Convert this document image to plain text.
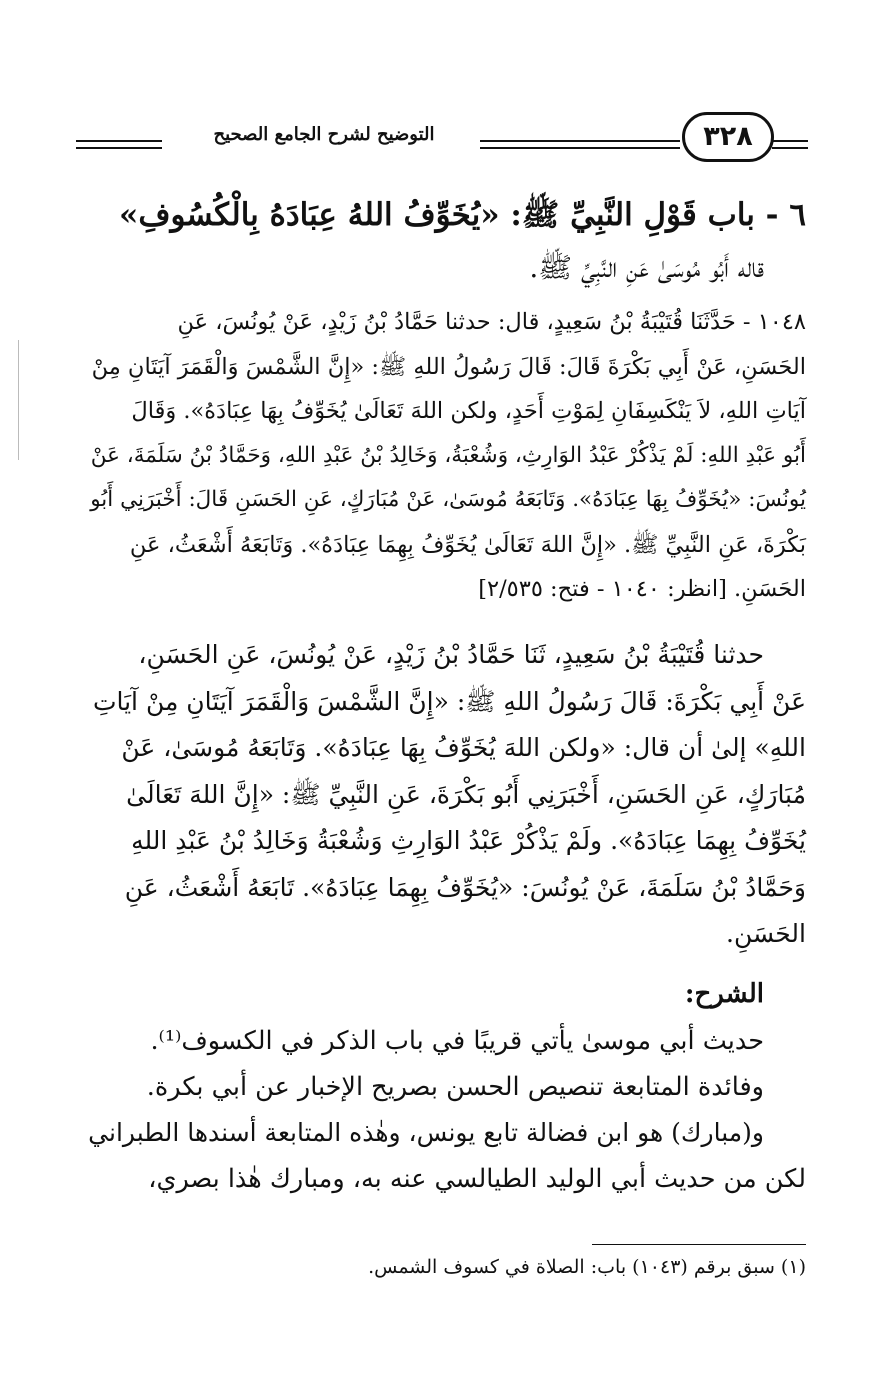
التوضيح لشرح الجامع الصحيح	٣٢٨
٦ - باب قَوْلِ النَّبِيِّ ﷺ: «يُخَوِّفُ اللهُ عِبَادَهُ بِالْكُسُوفِ»
قاله أَبُو مُوسَىٰ عَنِ النَّبِيِّ ﷺ.
١٠٤٨ - حَدَّثَنَا قُتَيْبَةُ بْنُ سَعِيدٍ، قال: حدثنا حَمَّادُ بْنُ زَيْدٍ، عَنْ يُونُسَ، عَنِ
الحَسَنِ، عَنْ أَبِي بَكْرَةَ قَالَ: قَالَ رَسُولُ اللهِ ﷺ: «إِنَّ الشَّمْسَ وَالْقَمَرَ آيَتَانِ مِنْ
آيَاتِ اللهِ، لاَ يَنْكَسِفَانِ لِمَوْتِ أَحَدٍ، ولكن اللهَ تَعَالَىٰ يُخَوِّفُ بِهَا عِبَادَهُ». وَقَالَ
أَبُو عَبْدِ اللهِ: لَمْ يَذْكُرْ عَبْدُ الوَارِثِ، وَشُعْبَةُ، وَخَالِدُ بْنُ عَبْدِ اللهِ، وَحَمَّادُ بْنُ سَلَمَةَ، عَنْ
يُونُسَ: «يُخَوِّفُ بِهَا عِبَادَهُ». وَتَابَعَهُ مُوسَىٰ، عَنْ مُبَارَكٍ، عَنِ الحَسَنِ قَالَ: أَخْبَرَنِي أَبُو
بَكْرَةَ، عَنِ النَّبِيِّ ﷺ. «إِنَّ اللهَ تَعَالَىٰ يُخَوِّفُ بِهِمَا عِبَادَهُ». وَتَابَعَهُ أَشْعَثُ، عَنِ
الحَسَنِ. [انظر: ١٠٤٠ - فتح: ٢/٥٣٥]
حدثنا قُتَيْبَةُ بْنُ سَعِيدٍ، ثَنَا حَمَّادُ بْنُ زَيْدٍ، عَنْ يُونُسَ، عَنِ الحَسَنِ،
عَنْ أَبِي بَكْرَةَ: قَالَ رَسُولُ اللهِ ﷺ: «إِنَّ الشَّمْسَ وَالْقَمَرَ آيَتَانِ مِنْ آيَاتِ
اللهِ» إلىٰ أن قال: «ولكن اللهَ يُخَوِّفُ بِهَا عِبَادَهُ». وَتَابَعَهُ مُوسَىٰ، عَنْ
مُبَارَكٍ، عَنِ الحَسَنِ، أَخْبَرَنِي أَبُو بَكْرَةَ، عَنِ النَّبِيِّ ﷺ: «إِنَّ اللهَ تَعَالَىٰ
يُخَوِّفُ بِهِمَا عِبَادَهُ». ولَمْ يَذْكُرْ عَبْدُ الوَارِثِ وَشُعْبَةُ وَخَالِدُ بْنُ عَبْدِ اللهِ
وَحَمَّادُ بْنُ سَلَمَةَ، عَنْ يُونُسَ: «يُخَوِّفُ بِهِمَا عِبَادَهُ». تَابَعَهُ أَشْعَثُ، عَنِ
الحَسَنِ.
الشرح:
حديث أبي موسىٰ يأتي قريبًا في باب الذكر في الكسوف⁽¹⁾.
وفائدة المتابعة تنصيص الحسن بصريح الإخبار عن أبي بكرة.
و(مبارك) هو ابن فضالة تابع يونس، وهٰذه المتابعة أسندها الطبراني
لكن من حديث أبي الوليد الطيالسي عنه به، ومبارك هٰذا بصري،
(١) سبق برقم (١٠٤٣) باب: الصلاة في كسوف الشمس.
